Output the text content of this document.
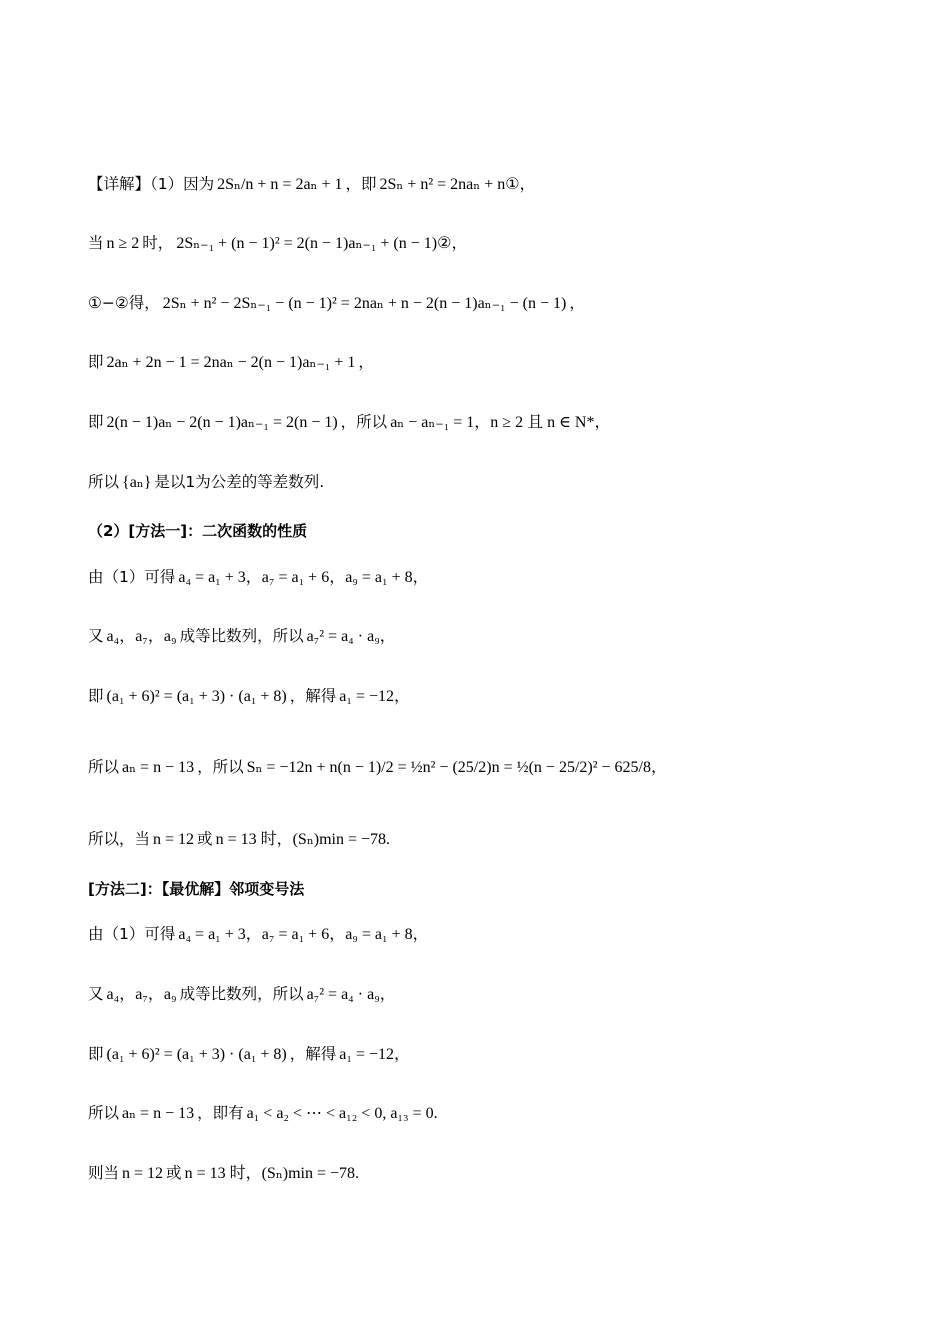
【详解】（1）因为 2Sₙ/n + n = 2aₙ + 1 ，即 2Sₙ + n² = 2naₙ + n①，
当 n ≥ 2 时， 2Sₙ₋₁ + (n − 1)² = 2(n − 1)aₙ₋₁ + (n − 1)②，
①−②得， 2Sₙ + n² − 2Sₙ₋₁ − (n − 1)² = 2naₙ + n − 2(n − 1)aₙ₋₁ − (n − 1) ，
即 2aₙ + 2n − 1 = 2naₙ − 2(n − 1)aₙ₋₁ + 1 ，
即 2(n − 1)aₙ − 2(n − 1)aₙ₋₁ = 2(n − 1) ，所以 aₙ − aₙ₋₁ = 1，n ≥ 2 且 n ∈ N*，
所以 {aₙ} 是以1为公差的等差数列.
（2）[方法一]：二次函数的性质
由（1）可得 a₄ = a₁ + 3，a₇ = a₁ + 6，a₉ = a₁ + 8，
又 a₄，a₇，a₉ 成等比数列，所以 a₇² = a₄ · a₉，
即 (a₁ + 6)² = (a₁ + 3) · (a₁ + 8) ，解得 a₁ = −12，
所以 aₙ = n − 13 ，所以 Sₙ = −12n + n(n − 1)/2 = ½n² − (25/2)n = ½(n − 25/2)² − 625/8，
所以，当 n = 12 或 n = 13 时，(Sₙ)min = −78.
[方法二]：【最优解】邻项变号法
由（1）可得 a₄ = a₁ + 3，a₇ = a₁ + 6，a₉ = a₁ + 8，
又 a₄，a₇，a₉ 成等比数列，所以 a₇² = a₄ · a₉，
即 (a₁ + 6)² = (a₁ + 3) · (a₁ + 8) ，解得 a₁ = −12，
所以 aₙ = n − 13 ，即有 a₁ < a₂ < ⋯ < a₁₂ < 0, a₁₃ = 0.
则当 n = 12 或 n = 13 时，(Sₙ)min = −78.
